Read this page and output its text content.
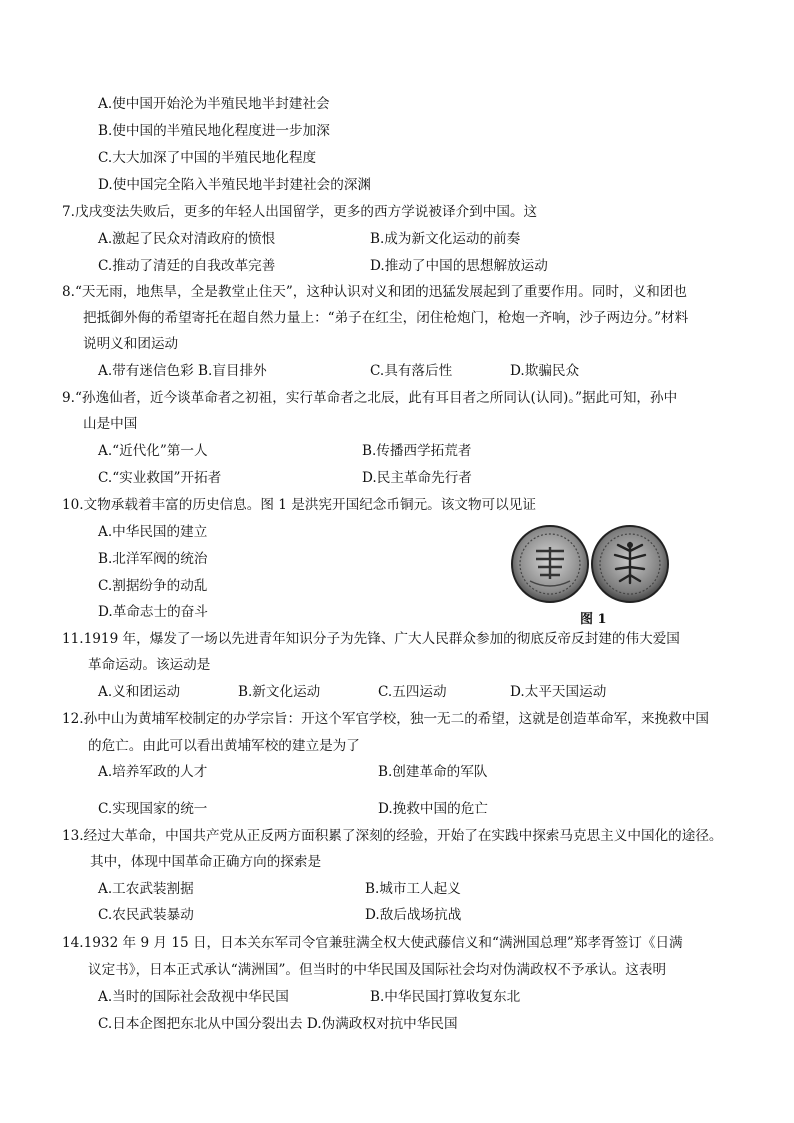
A.使中国开始沦为半殖民地半封建社会
B.使中国的半殖民地化程度进一步加深
C.大大加深了中国的半殖民地化程度
D.使中国完全陷入半殖民地半封建社会的深渊
7.戊戌变法失败后，更多的年轻人出国留学，更多的西方学说被译介到中国。这
A.激起了民众对清政府的愤恨	B.成为新文化运动的前奏
C.推动了清廷的自我改革完善	D.推动了中国的思想解放运动
8.“天无雨，地焦旱，全是教堂止住天”，这种认识对义和团的迅猛发展起到了重要作用。同时，义和团也
把抵御外侮的希望寄托在超自然力量上：“弟子在红尘，闭住枪炮门，枪炮一齐响，沙子两边分。”材料
说明义和团运动
A.带有迷信色彩 B.盲目排外	C.具有落后性	D.欺骗民众
9.“孙逸仙者，近今谈革命者之初祖，实行革命者之北辰，此有耳目者之所同认(认同)。”据此可知，孙中
山是中国
A.“近代化”第一人	B.传播西学拓荒者
C.“实业救国”开拓者	D.民主革命先行者
10.文物承载着丰富的历史信息。图 1 是洪宪开国纪念币铜元。该文物可以见证
A.中华民国的建立
B.北洋军阀的统治
C.割据纷争的动乱
D.革命志士的奋斗	图 1
11.1919 年，爆发了一场以先进青年知识分子为先锋、广大人民群众参加的彻底反帝反封建的伟大爱国
革命运动。该运动是
A.义和团运动	B.新文化运动	C.五四运动	D.太平天国运动
12.孙中山为黄埔军校制定的办学宗旨：开这个军官学校，独一无二的希望，这就是创造革命军，来挽救中国
的危亡。由此可以看出黄埔军校的建立是为了
A.培养军政的人才	B.创建革命的军队
C.实现国家的统一	D.挽救中国的危亡
13.经过大革命，中国共产党从正反两方面积累了深刻的经验，开始了在实践中探索马克思主义中国化的途径。
其中，体现中国革命正确方向的探索是
A.工农武装割据	B.城市工人起义
C.农民武装暴动	D.敌后战场抗战
14.1932 年 9 月 15 日，日本关东军司令官兼驻满全权大使武藤信义和“满洲国总理”郑孝胥签订《日满
议定书》，日本正式承认“满洲国”。但当时的中华民国及国际社会均对伪满政权不予承认。这表明
A.当时的国际社会敌视中华民国	B.中华民国打算收复东北
C.日本企图把东北从中国分裂出去 D.伪满政权对抗中华民国
